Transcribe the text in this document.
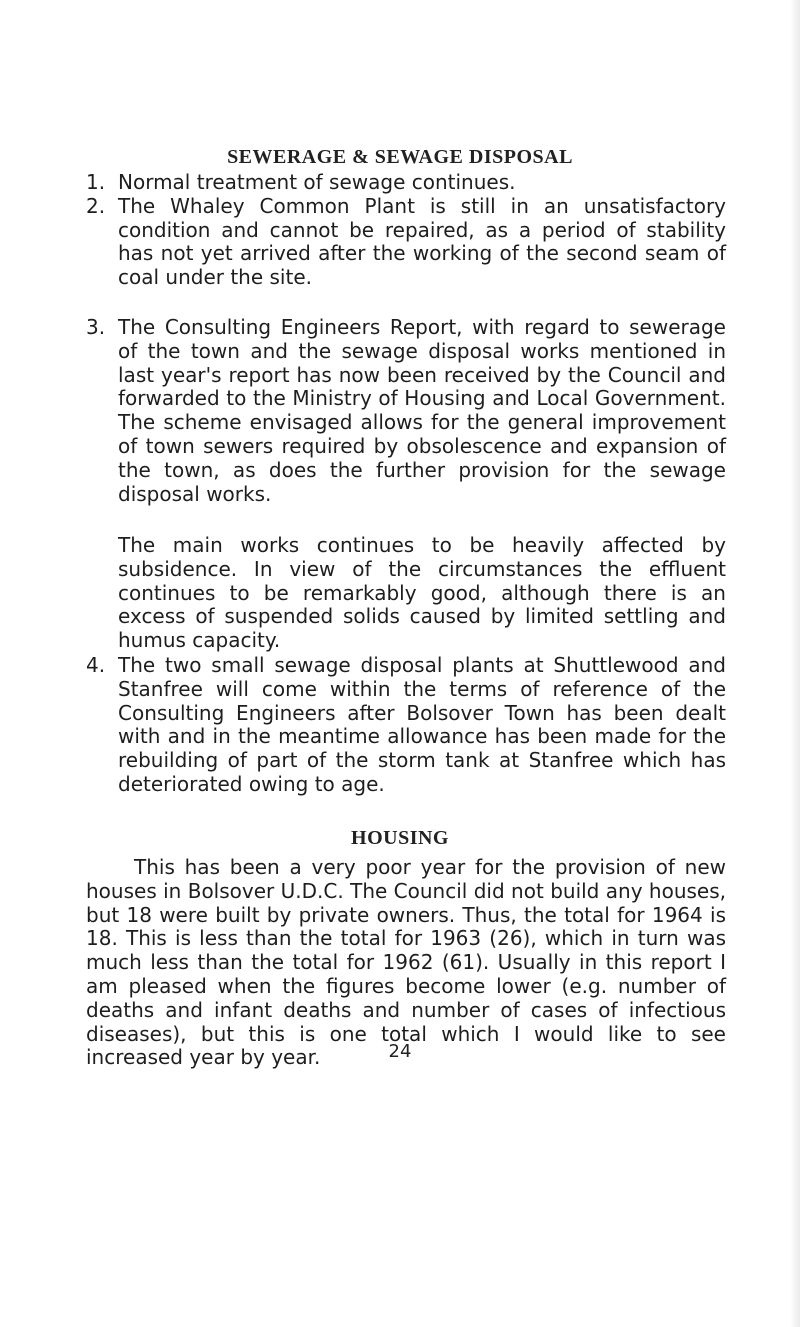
SEWERAGE & SEWAGE DISPOSAL

1. Normal treatment of sewage continues.

2. The Whaley Common Plant is still in an unsatisfactory condition and cannot be repaired, as a period of stability has not yet arrived after the working of the second seam of coal under the site.

3. The Consulting Engineers Report, with regard to sewerage of the town and the sewage disposal works mentioned in last year's report has now been received by the Council and forwarded to the Ministry of Housing and Local Government. The scheme envisaged allows for the general improvement of town sewers required by obsolescence and expansion of the town, as does the further provision for the sewage disposal works.

The main works continues to be heavily affected by subsidence. In view of the circumstances the effluent continues to be remarkably good, although there is an excess of suspended solids caused by limited settling and humus capacity.

4. The two small sewage disposal plants at Shuttlewood and Stanfree will come within the terms of reference of the Consulting Engineers after Bolsover Town has been dealt with and in the meantime allowance has been made for the rebuilding of part of the storm tank at Stanfree which has deteriorated owing to age.

HOUSING

This has been a very poor year for the provision of new houses in Bolsover U.D.C. The Council did not build any houses, but 18 were built by private owners. Thus, the total for 1964 is 18. This is less than the total for 1963 (26), which in turn was much less than the total for 1962 (61). Usually in this report I am pleased when the figures become lower (e.g. number of deaths and infant deaths and number of cases of infectious diseases), but this is one total which I would like to see increased year by year.	24
